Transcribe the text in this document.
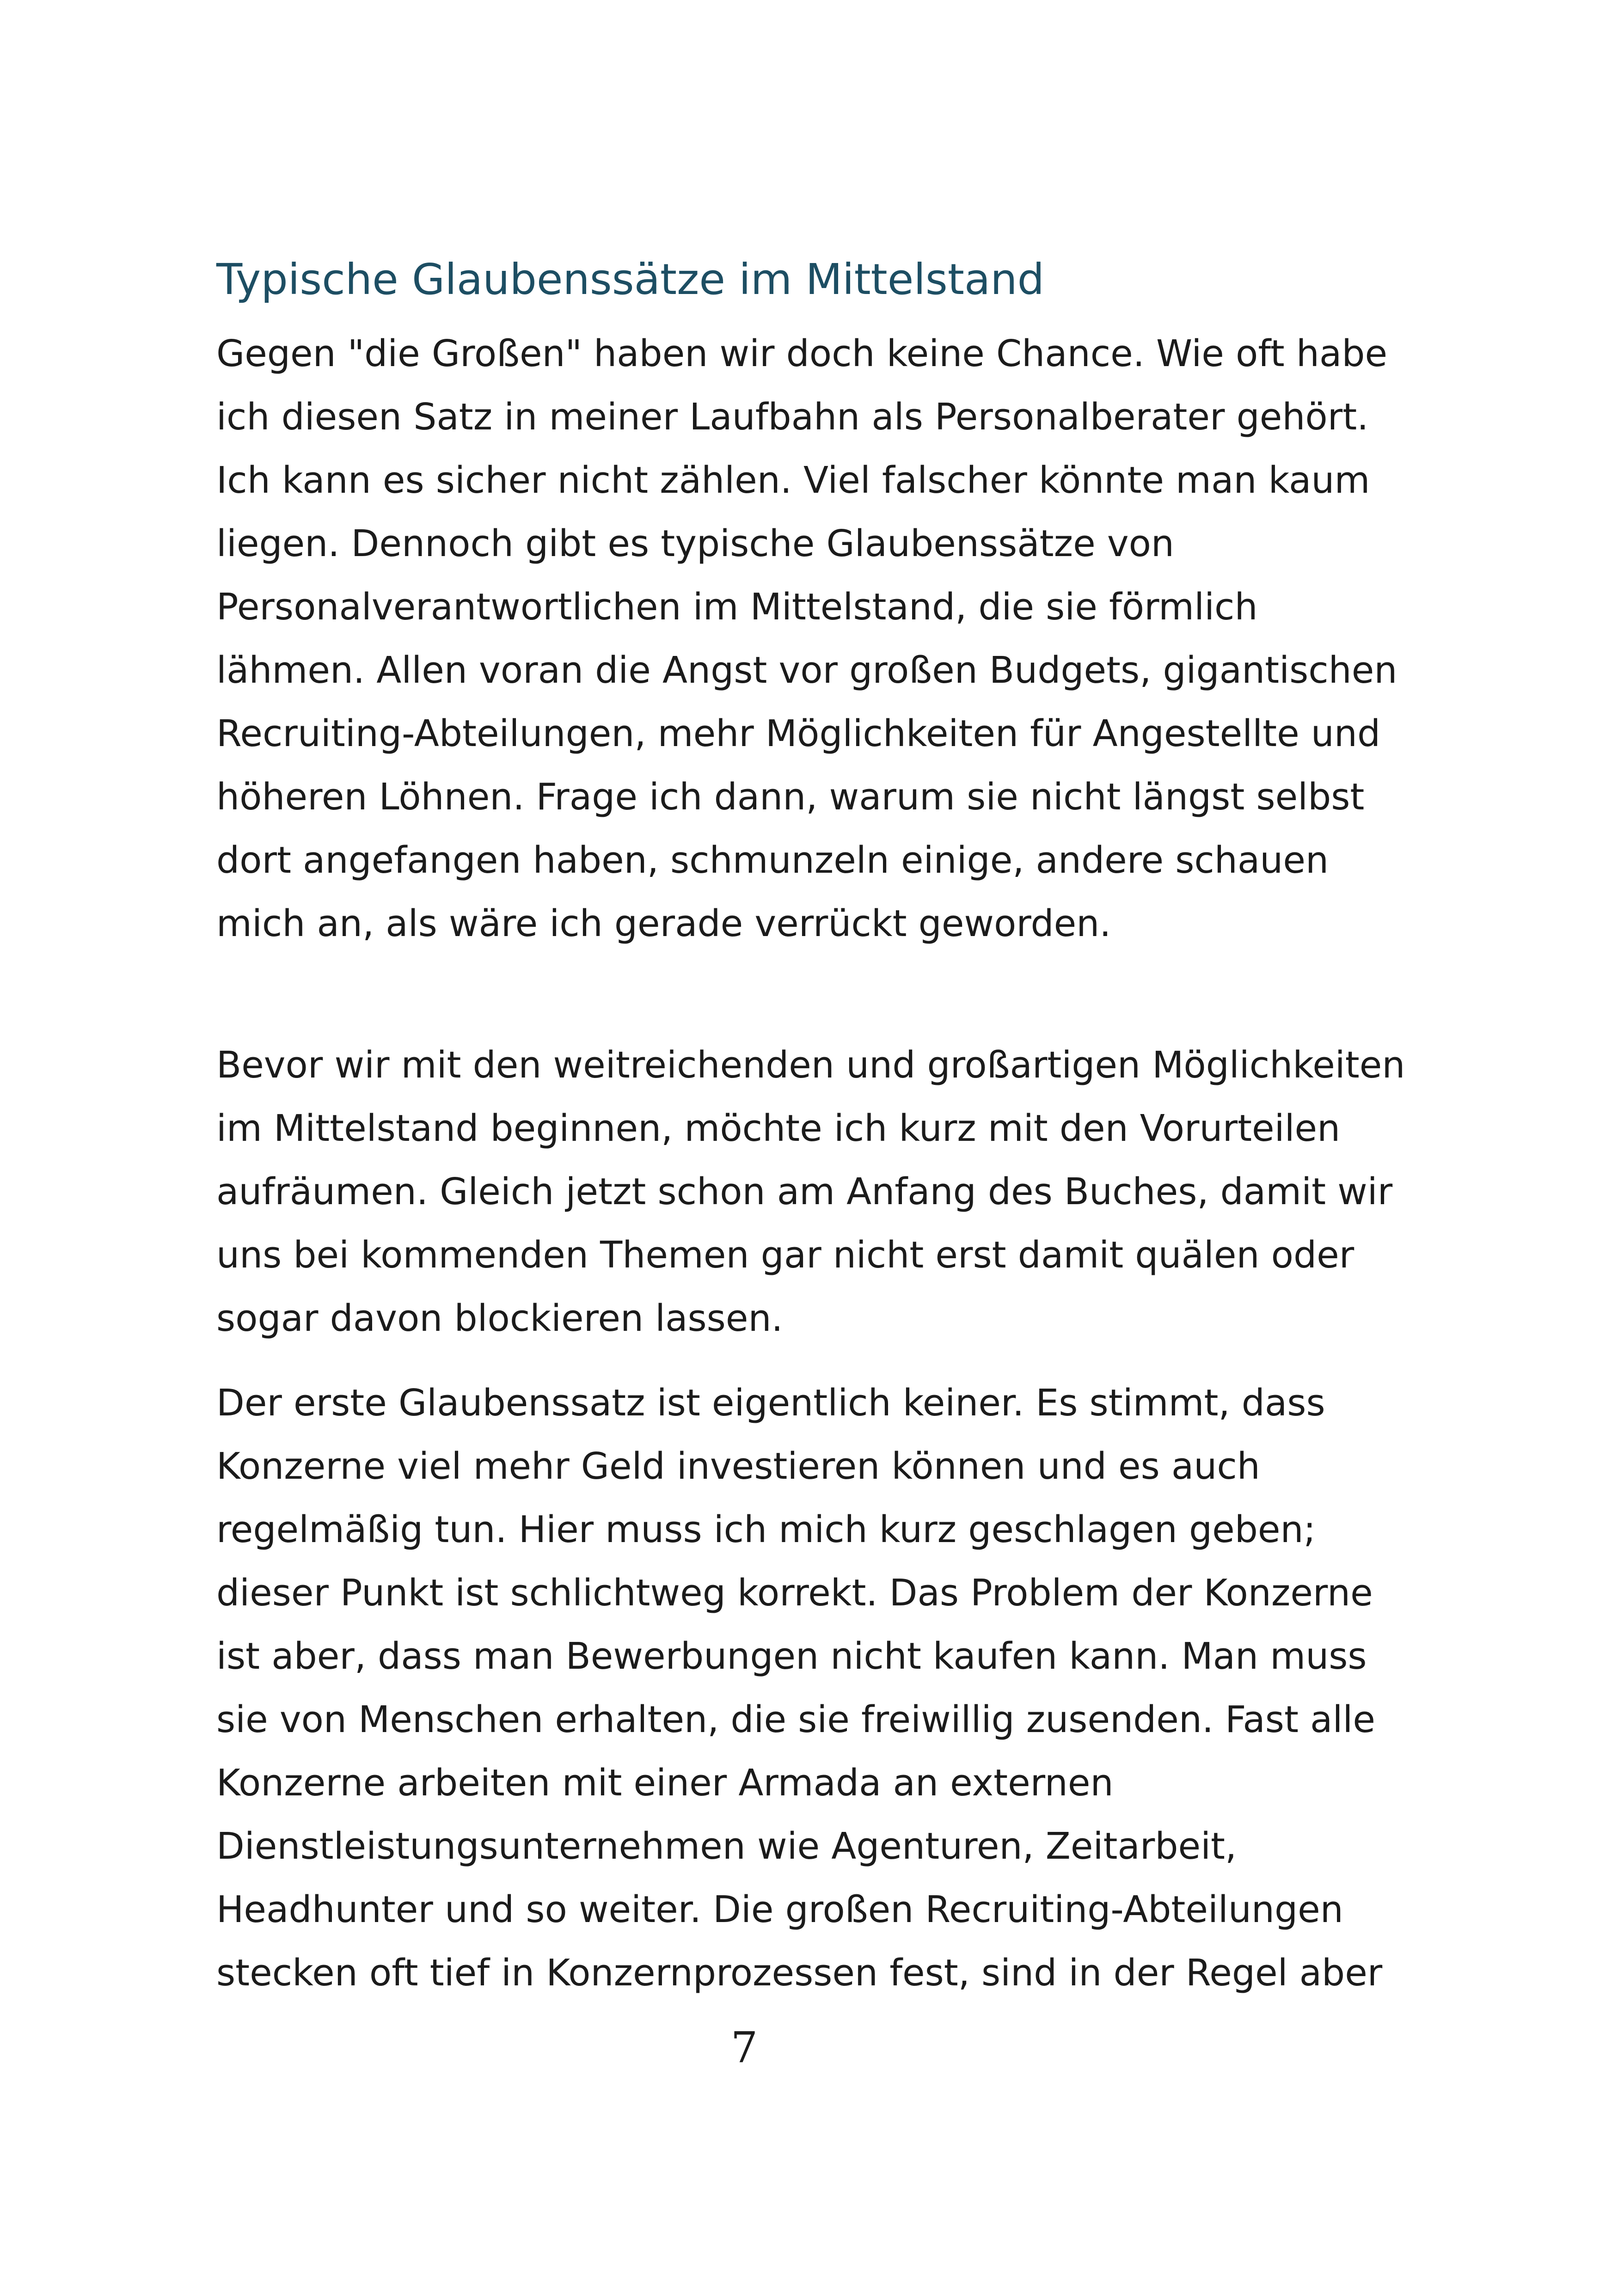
Typische Glaubenssätze im Mittelstand

Gegen "die Großen" haben wir doch keine Chance. Wie oft habe
ich diesen Satz in meiner Laufbahn als Personalberater gehört.
Ich kann es sicher nicht zählen. Viel falscher könnte man kaum
liegen. Dennoch gibt es typische Glaubenssätze von
Personalverantwortlichen im Mittelstand, die sie förmlich
lähmen. Allen voran die Angst vor großen Budgets, gigantischen
Recruiting-Abteilungen, mehr Möglichkeiten für Angestellte und
höheren Löhnen. Frage ich dann, warum sie nicht längst selbst
dort angefangen haben, schmunzeln einige, andere schauen
mich an, als wäre ich gerade verrückt geworden.

Bevor wir mit den weitreichenden und großartigen Möglichkeiten
im Mittelstand beginnen, möchte ich kurz mit den Vorurteilen
aufräumen. Gleich jetzt schon am Anfang des Buches, damit wir
uns bei kommenden Themen gar nicht erst damit quälen oder
sogar davon blockieren lassen.

Der erste Glaubenssatz ist eigentlich keiner. Es stimmt, dass
Konzerne viel mehr Geld investieren können und es auch
regelmäßig tun. Hier muss ich mich kurz geschlagen geben;
dieser Punkt ist schlichtweg korrekt. Das Problem der Konzerne
ist aber, dass man Bewerbungen nicht kaufen kann. Man muss
sie von Menschen erhalten, die sie freiwillig zusenden. Fast alle
Konzerne arbeiten mit einer Armada an externen
Dienstleistungsunternehmen wie Agenturen, Zeitarbeit,
Headhunter und so weiter. Die großen Recruiting-Abteilungen
stecken oft tief in Konzernprozessen fest, sind in der Regel aber

7
